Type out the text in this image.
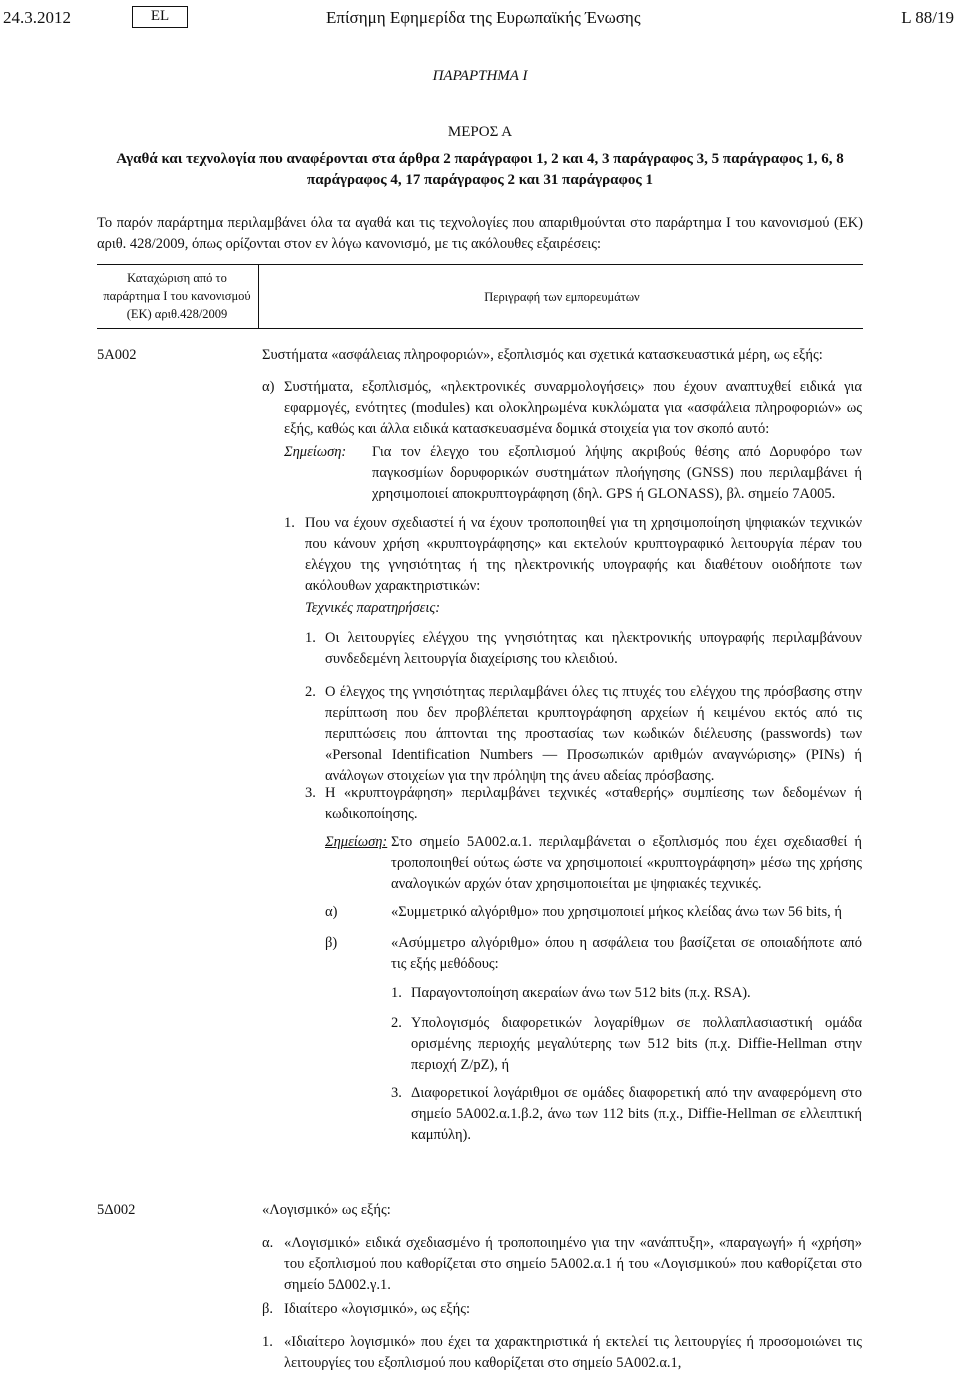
24.3.2012	EL	Επίσημη Εφημερίδα της Ευρωπαϊκής Ένωσης	L 88/19
ΠΑΡΑΡΤΗΜΑ I
ΜΕΡΟΣ Α
Αγαθά και τεχνολογία που αναφέρονται στα άρθρα 2 παράγραφοι 1, 2 και 4, 3 παράγραφος 3, 5 παράγραφος 1, 6, 8 παράγραφος 4, 17 παράγραφος 2 και 31 παράγραφος 1
Το παρόν παράρτημα περιλαμβάνει όλα τα αγαθά και τις τεχνολογίες που απαριθμούνται στο παράρτημα I του κανονισμού (ΕΚ) αριθ. 428/2009, όπως ορίζονται στον εν λόγω κανονισμό, με τις ακόλουθες εξαιρέσεις:
Καταχώριση από το παράρτημα I του κανονισμού (ΕΚ) αριθ.428/2009
Περιγραφή των εμπορευμάτων
5A002	Συστήματα «ασφάλειας πληροφοριών», εξοπλισμός και σχετικά κατασκευαστικά μέρη, ως εξής:
α) Συστήματα, εξοπλισμός, «ηλεκτρονικές συναρμολογήσεις» που έχουν αναπτυχθεί ειδικά για εφαρμογές, ενότητες (modules) και ολοκληρωμένα κυκλώματα για «ασφάλεια πληροφοριών» ως εξής, καθώς και άλλα ειδικά κατασκευασμένα δομικά στοιχεία για τον σκοπό αυτό:
Σημείωση:	Για τον έλεγχο του εξοπλισμού λήψης ακριβούς θέσης από Δορυφόρο των παγκοσμίων δορυφορικών συστημάτων πλοήγησης (GNSS) που περιλαμβάνει ή χρησιμοποιεί αποκρυπτογράφηση (δηλ. GPS ή GLONASS), βλ. σημείο 7Α005.
1. Που να έχουν σχεδιαστεί ή να έχουν τροποποιηθεί για τη χρησιμοποίηση ψηφιακών τεχνικών που κάνουν χρήση «κρυπτογράφησης» και εκτελούν κρυπτογραφικό λειτουργία πέραν του ελέγχου της γνησιότητας ή της ηλεκτρονικής υπογραφής και διαθέτουν οιοδήποτε των ακόλουθων χαρακτηριστικών:
Τεχνικές παρατηρήσεις:
1. Οι λειτουργίες ελέγχου της γνησιότητας και ηλεκτρονικής υπογραφής περιλαμβάνουν συνδεδεμένη λειτουργία διαχείρισης του κλειδιού.
2. Ο έλεγχος της γνησιότητας περιλαμβάνει όλες τις πτυχές του ελέγχου της πρόσβασης στην περίπτωση που δεν προβλέπεται κρυπτογράφηση αρχείων ή κειμένου εκτός από τις περιπτώσεις που άπτονται της προστασίας των κωδικών διέλευσης (passwords) των «Personal Identification Numbers — Προσωπικών αριθμών αναγνώρισης» (PINs) ή ανάλογων στοιχείων για την πρόληψη της άνευ αδείας πρόσβασης.
3. Η «κρυπτογράφηση» περιλαμβάνει τεχνικές «σταθερής» συμπίεσης των δεδομένων ή κωδικοποίησης.
Σημείωση: Στο σημείο 5Α002.α.1. περιλαμβάνεται ο εξοπλισμός που έχει σχεδιασθεί ή τροποποιηθεί ούτως ώστε να χρησιμοποιεί «κρυπτογράφηση» μέσω της χρήσης αναλογικών αρχών όταν χρησιμοποιείται με ψηφιακές τεχνικές.
α)	«Συμμετρικό αλγόριθμο» που χρησιμοποιεί μήκος κλείδας άνω των 56 bits, ή
β)	«Ασύμμετρο αλγόριθμο» όπου η ασφάλεια του βασίζεται σε οποιαδήποτε από τις εξής μεθόδους:
1. Παραγοντοποίηση ακεραίων άνω των 512 bits (π.χ. RSA).
2. Υπολογισμός διαφορετικών λογαρίθμων σε πολλαπλασιαστική ομάδα ορισμένης περιοχής μεγαλύτερης των 512 bits (π.χ. Diffie-Hellman στην περιοχή Z/pZ), ή
3. Διαφορετικοί λογάριθμοι σε ομάδες διαφορετική από την αναφερόμενη στο σημείο 5Α002.α.1.β.2, άνω των 112 bits (π.χ., Diffie-Hellman σε ελλειπτική καμπύλη).
5Δ002	«Λογισμικό» ως εξής:
α. «Λογισμικό» ειδικά σχεδιασμένο ή τροποποιημένο για την «ανάπτυξη», «παραγωγή» ή «χρήση» του εξοπλισμού που καθορίζεται στο σημείο 5Α002.α.1 ή του «Λογισμικού» που καθορίζεται στο σημείο 5Δ002.γ.1.
β. Ιδιαίτερο «λογισμικό», ως εξής:
1. «Ιδιαίτερο λογισμικό» που έχει τα χαρακτηριστικά ή εκτελεί τις λειτουργίες ή προσομοιώνει τις λειτουργίες του εξοπλισμού που καθορίζεται στο σημείο 5Α002.α.1,
